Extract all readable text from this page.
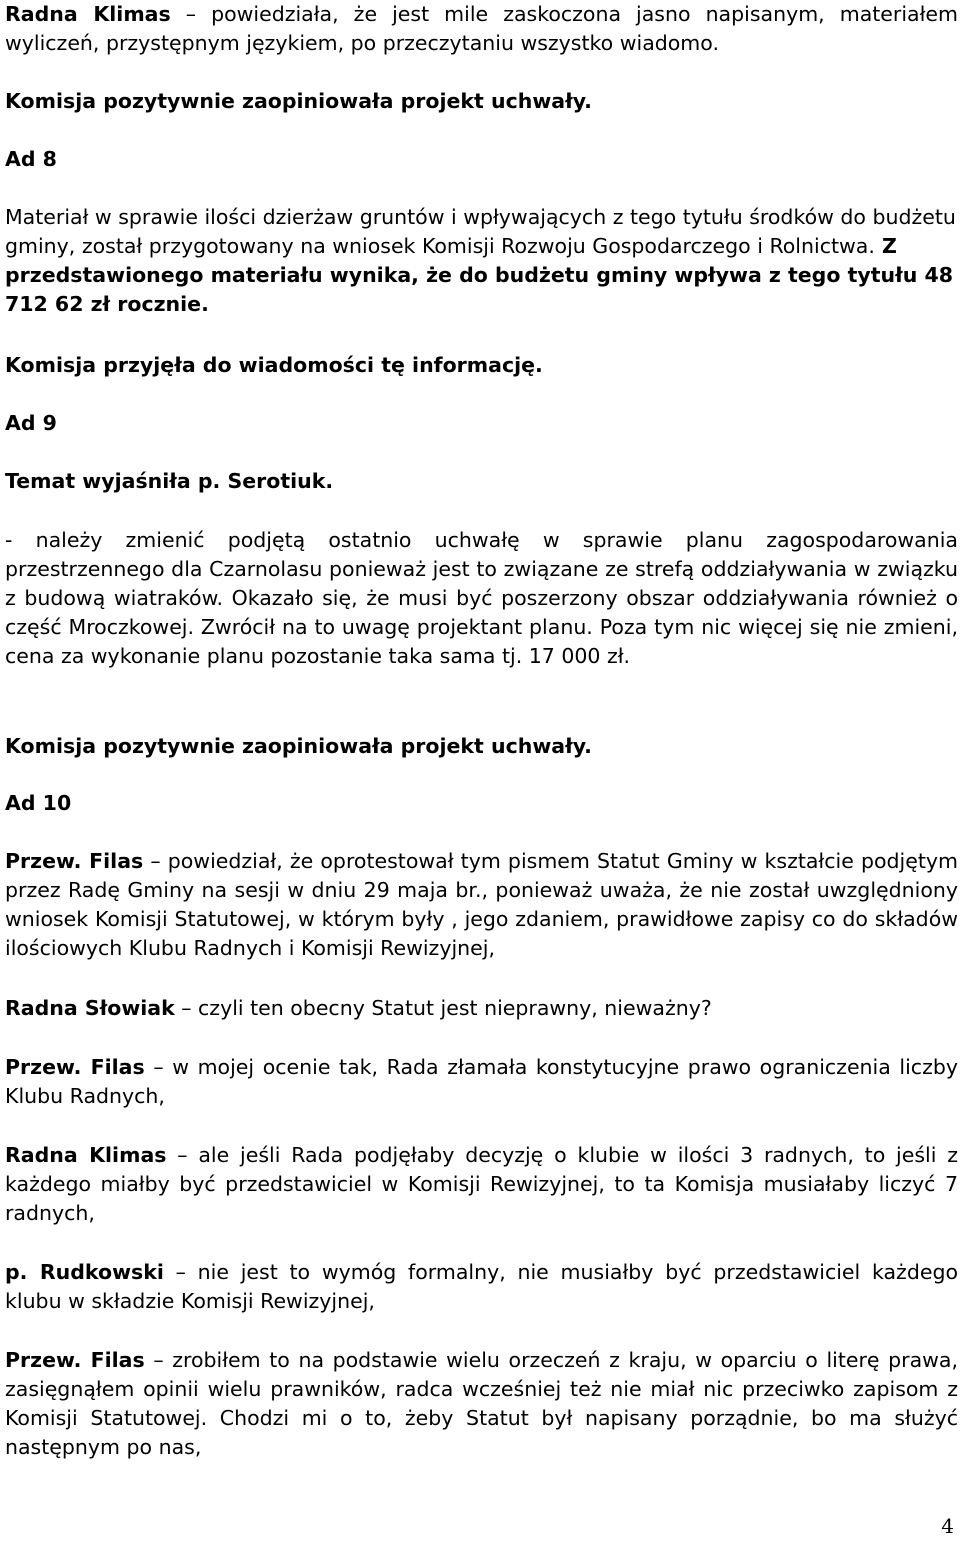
Radna Klimas – powiedziała, że jest mile zaskoczona jasno napisanym, materiałem wyliczeń, przystępnym językiem, po przeczytaniu wszystko wiadomo.

Komisja pozytywnie zaopiniowała projekt uchwały.

Ad 8

Materiał w sprawie ilości dzierżaw gruntów i wpływających z tego tytułu środków do budżetu gminy, został przygotowany na wniosek Komisji Rozwoju Gospodarczego i Rolnictwa. Z przedstawionego materiału wynika, że do budżetu gminy wpływa z tego tytułu 48 712 62 zł rocznie.

Komisja przyjęła do wiadomości tę informację.

Ad 9

Temat wyjaśniła p. Serotiuk.

- należy zmienić podjętą ostatnio uchwałę w sprawie planu zagospodarowania przestrzennego dla Czarnolasu ponieważ jest to związane ze strefą oddziaływania w związku z budową wiatraków. Okazało się, że musi być poszerzony obszar oddziaływania również o część Mroczkowej. Zwrócił na to uwagę projektant planu. Poza tym nic więcej się nie zmieni, cena za wykonanie planu pozostanie taka sama tj. 17 000 zł.

Komisja pozytywnie zaopiniowała projekt uchwały.

Ad 10

Przew. Filas – powiedział, że oprotestował tym pismem Statut Gminy w kształcie podjętym przez Radę Gminy na sesji w dniu 29 maja br., ponieważ uważa, że nie został uwzględniony wniosek Komisji Statutowej, w którym były , jego zdaniem, prawidłowe zapisy co do składów ilościowych Klubu Radnych i Komisji Rewizyjnej,

Radna Słowiak – czyli ten obecny Statut jest nieprawny, nieważny?

Przew. Filas – w mojej ocenie tak, Rada złamała konstytucyjne prawo ograniczenia liczby Klubu Radnych,

Radna Klimas – ale jeśli Rada podjęłaby decyzję o klubie w ilości 3 radnych, to jeśli z każdego miałby być przedstawiciel w Komisji Rewizyjnej, to ta Komisja musiałaby liczyć 7 radnych,

p. Rudkowski – nie jest to wymóg formalny, nie musiałby być przedstawiciel każdego klubu w składzie Komisji Rewizyjnej,

Przew. Filas – zrobiłem to na podstawie wielu orzeczeń z kraju, w oparciu o literę prawa, zasięgnąłem opinii wielu prawników, radca wcześniej też nie miał nic przeciwko zapisom z Komisji Statutowej. Chodzi mi o to, żeby Statut był napisany porządnie, bo ma służyć następnym po nas,

4
